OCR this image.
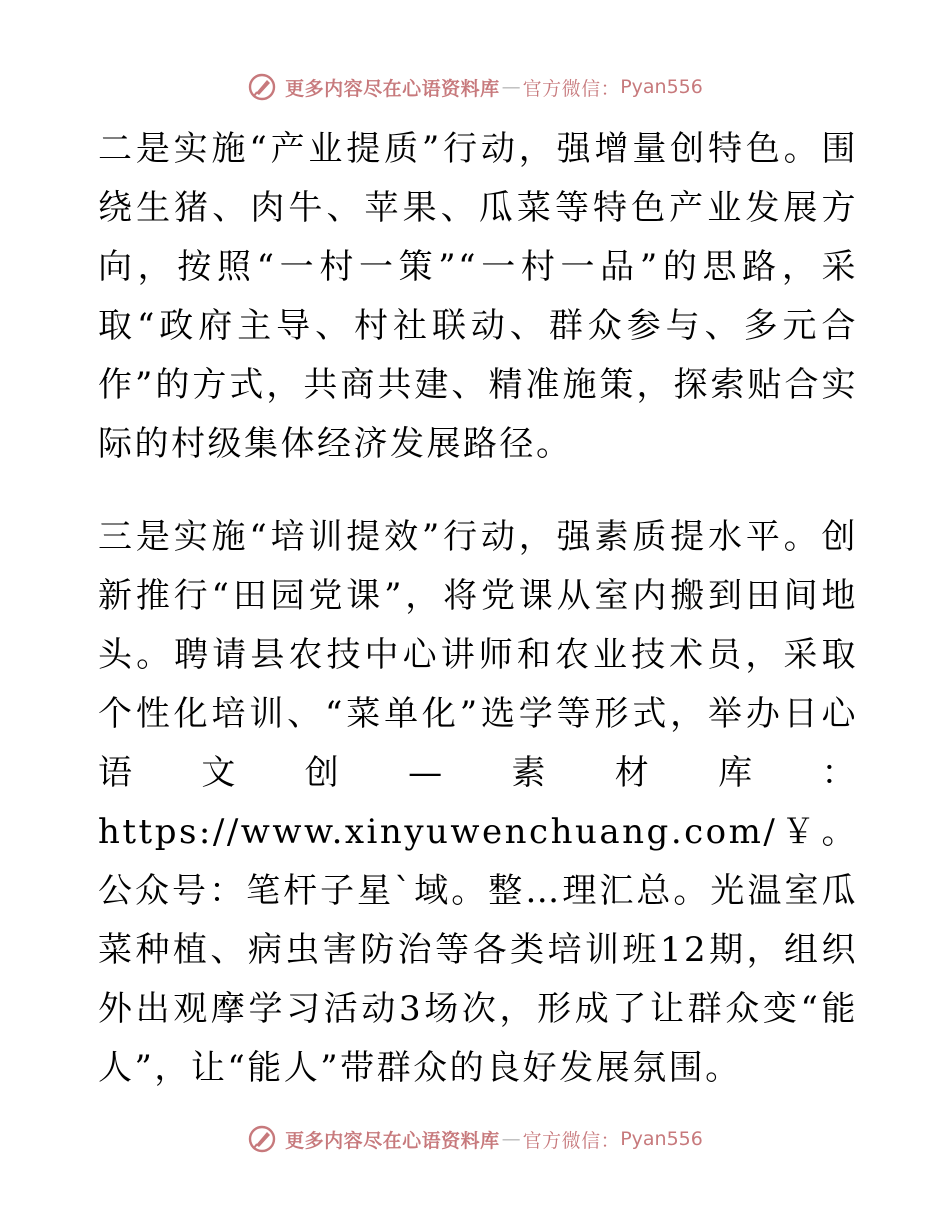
更多内容尽在心语资料库 — 官方微信： Pyan556

二是实施“产业提质”行动，强增量创特色。围绕生猪、肉牛、苹果、瓜菜等特色产业发展方向，按照“一村一策”“一村一品”的思路，采取“政府主导、村社联动、群众参与、多元合作”的方式，共商共建、精准施策，探索贴合实际的村级集体经济发展路径。

三是实施“培训提效”行动，强素质提水平。创新推行“田园党课”，将党课从室内搬到田间地头。聘请县农技中心讲师和农业技术员，采取个性化培训、“菜单化”选学等形式，举办日心语文创—素材库：https://www.xinyuwenchuang.com/￥。公众号：笔杆子星`域。整…理汇总。光温室瓜菜种植、病虫害防治等各类培训班12期，组织外出观摩学习活动3场次，形成了让群众变“能人”，让“能人”带群众的良好发展氛围。

更多内容尽在心语资料库 — 官方微信： Pyan556
